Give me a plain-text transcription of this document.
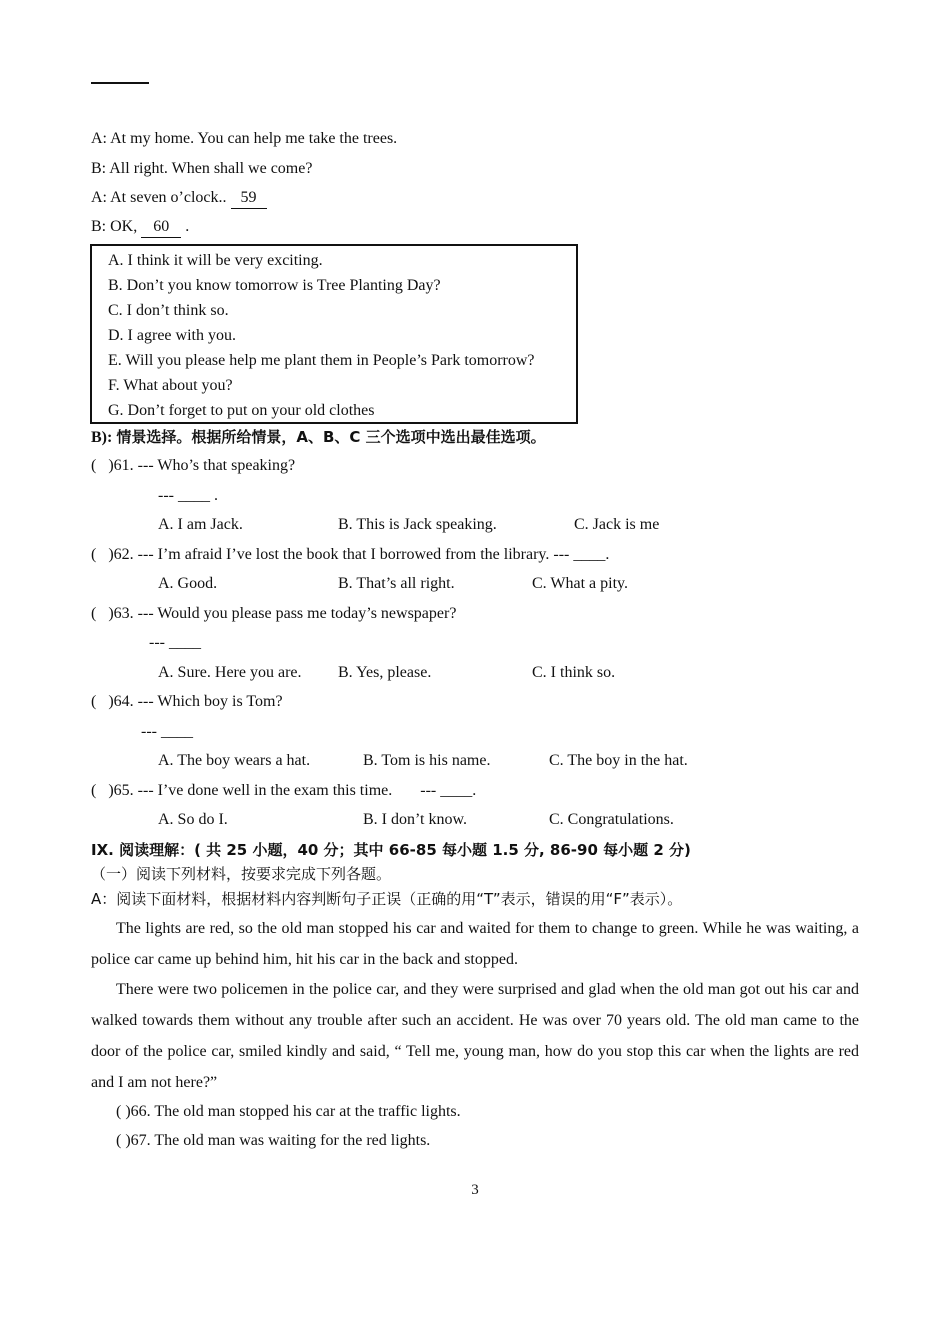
A: At my home. You can help me take the trees.
B: All right. When shall we come?
A: At seven o’clock.. 59
B: OK, 60 .
A. I think it will be very exciting.
B. Don’t you know tomorrow is Tree Planting Day?
C. I don’t think so.
D. I agree with you.
E. Will you please help me plant them in People’s Park tomorrow?
F. What about you?
G. Don’t forget to put on your old clothes
B): 情景选择。根据所给情景，A、B、C 三个选项中选出最佳选项。
(   )61. --- Who’s that speaking?
--- ____ .
A. I am Jack.	B. This is Jack speaking.	C. Jack is me
(   )62. --- I’m afraid I’ve lost the book that I borrowed from the library. --- ____.
A. Good.	B. That’s all right.	C. What a pity.
(   )63. --- Would you please pass me today’s newspaper?
--- ____
A. Sure. Here you are. B. Yes, please.	C. I think so.
(   )64. --- Which boy is Tom?
--- ____
A. The boy wears a hat.	B. Tom is his name.	C. The boy in the hat.
(   )65. --- I’ve done well in the exam this time.       --- ____.
A. So do I.	B. I don’t know.	C. Congratulations.
IX. 阅读理解：( 共 25 小题，40 分；其中 66-85 每小题 1.5 分, 86-90 每小题 2 分)
（一）阅读下列材料，按要求完成下列各题。
A：阅读下面材料，根据材料内容判断句子正误（正确的用“T”表示，错误的用“F”表示）。
The lights are red, so the old man stopped his car and waited for them to change to green. While he was waiting, a police car came up behind him, hit his car in the back and stopped.
There were two policemen in the police car, and they were surprised and glad when the old man got out his car and walked towards them without any trouble after such an accident. He was over 70 years old. The old man came to the door of the police car, smiled kindly and said, “ Tell me, young man, how do you stop this car when the lights are red and I am not here?”
( )66. The old man stopped his car at the traffic lights.
( )67. The old man was waiting for the red lights.
3
